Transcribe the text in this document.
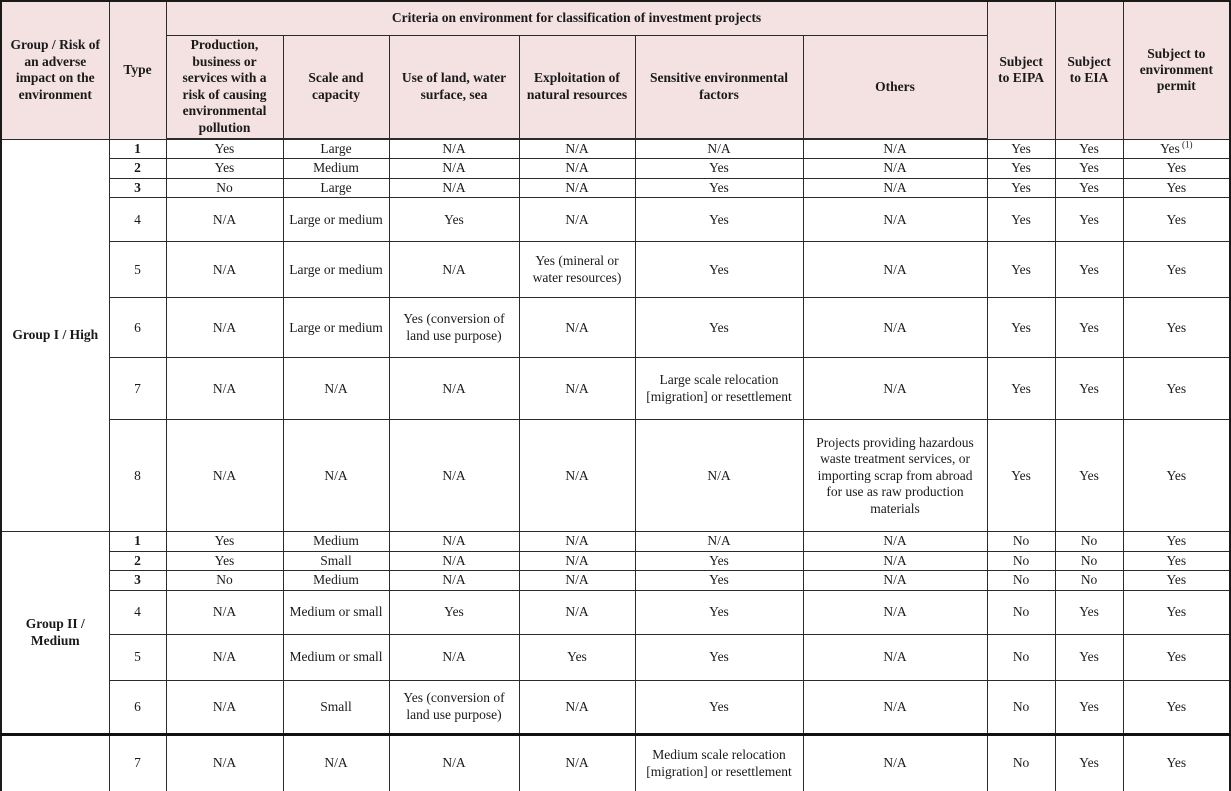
Group / Risk of an adverse impact on the environment	Type	Criteria on environment for classification of investment projects						Subject to EIPA	Subject to EIA	Subject to environment permit
		Production, business or services with a risk of causing environmental pollution	Scale and capacity	Use of land, water surface, sea	Exploitation of natural resources	Sensitive environmental factors	Others			
Group I / High	1	Yes	Large	N/A	N/A	N/A	N/A	Yes	Yes	Yes $^{(1)}$
	2	Yes	Medium	N/A	N/A	Yes	N/A	Yes	Yes	Yes
	3	No	Large	N/A	N/A	Yes	N/A	Yes	Yes	Yes
	4	N/A	Large or medium	Yes	N/A	Yes	N/A	Yes	Yes	Yes
	5	N/A	Large or medium	N/A	Yes (mineral or water resources)	Yes	N/A	Yes	Yes	Yes
	6	N/A	Large or medium	Yes (conversion of land use purpose)	N/A	Yes	N/A	Yes	Yes	Yes
	7	N/A	N/A	N/A	N/A	Large scale relocation [migration] or resettlement	N/A	Yes	Yes	Yes
	8	N/A	N/A	N/A	N/A	N/A	Projects providing hazardous waste treatment services, or importing scrap from abroad for use as raw production materials	Yes	Yes	Yes
Group II / Medium	1	Yes	Medium	N/A	N/A	N/A	N/A	No	No	Yes
	2	Yes	Small	N/A	N/A	Yes	N/A	No	No	Yes
	3	No	Medium	N/A	N/A	Yes	N/A	No	No	Yes
	4	N/A	Medium or small	Yes	N/A	Yes	N/A	No	Yes	Yes
	5	N/A	Medium or small	N/A	Yes	Yes	N/A	No	Yes	Yes
	6	N/A	Small	Yes (conversion of land use purpose)	N/A	Yes	N/A	No	Yes	Yes
	7	N/A	N/A	N/A	N/A	Medium scale relocation [migration] or resettlement	N/A	No	Yes	Yes
